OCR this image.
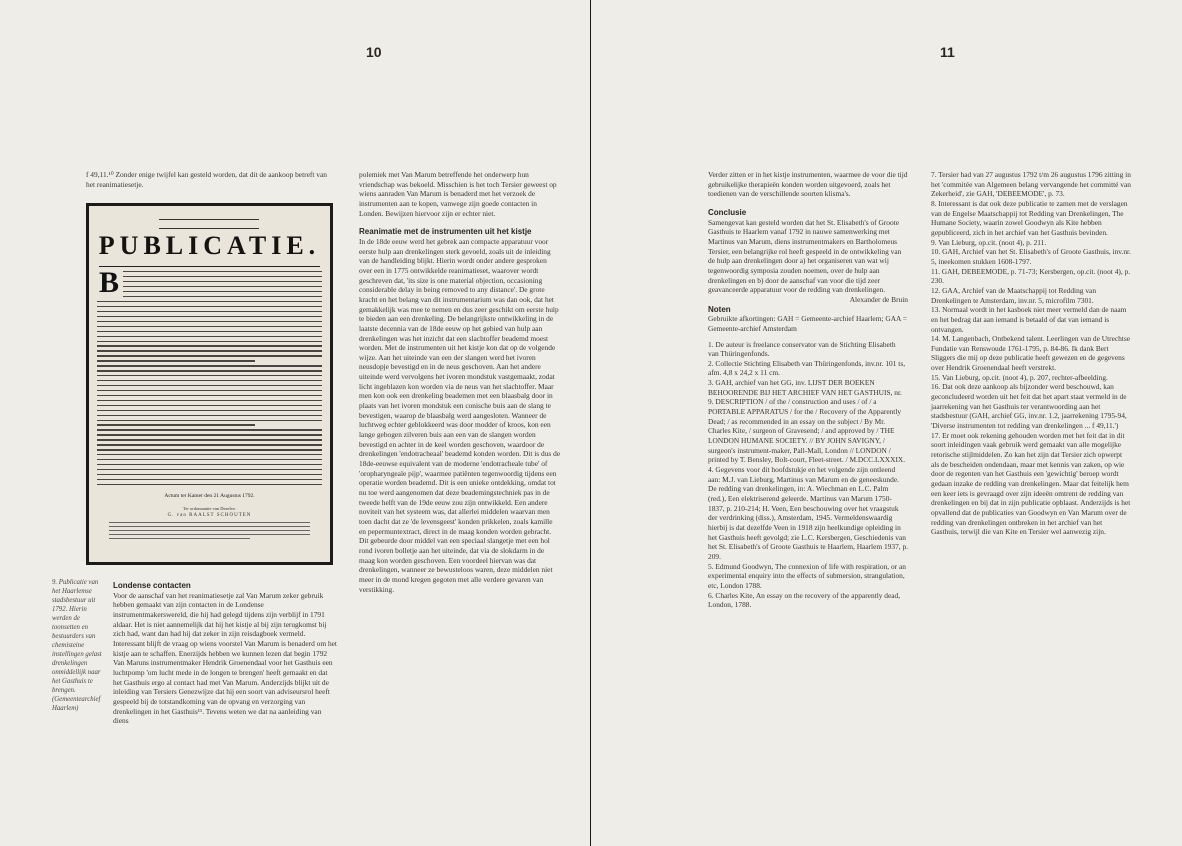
10
f 49,11.¹⁰ Zonder enige twijfel kan gesteld worden, dat dit de aankoop betreft van het reanimatiesetje.
PUBLICATIE.
B
Actum ter Kamer den 21 Augustus 1792.
Ter ordonnantie van Dezelve.
G. van RAALST SCHOUTEN
9. Publicatie van het Haarlemse stadsbestuur uit 1792. Hierin werden de toonsetten en bestuurders van chemisteine instellingen gelast drenkelingen onmiddellijk naar het Gasthuis te brengen. (Gemeentearchief Haarlem)

Londense contacten

Voor de aanschaf van het reanimatiesetje zal Van Marum zeker gebruik hebben gemaakt van zijn contacten in de Londense instrumentmakerswereld, die hij had gelegd tijdens zijn verblijf in 1791 aldaar. Het is niet aannemelijk dat hij het kistje al bij zijn terugkomst bij zich had, want dan had hij dat zeker in zijn reisdagboek vermeld. Interessant blijft de vraag op wiens voorstel Van Marum is benaderd om het kistje aan te schaffen. Enerzijds hebben we kunnen lezen dat begin 1792 Van Maruns instrumentmaker Hendrik Groenendaal voor het Gasthuis een luchtpomp 'om lucht mede in de longen te brengen' heeft gemaakt en dat het Gasthuis ergo al contact had met Van Marum. Anderzijds blijkt uit de inleiding van Tersiers Genezwijze dat hij een soort van adviseursrol heeft gespeeld bij de totstandkoming van de opvang en verzorging van drenkelingen in het Gasthuis¹¹. Tevens weten we dat na aanleiding van diens

polemiek met Van Marum betreffende het onderwerp hun vriendschap was bekoeld. Misschien is het toch Tersier geweest op wiens aanraden Van Marum is benaderd met het verzoek de instrumenten aan te kopen, vanwege zijn goede contacten in Londen. Bewijzen hiervoor zijn er echter niet.

Reanimatie met de instrumenten uit het kistje

In de 18de eeuw werd het gebrek aan compacte apparatuur voor eerste hulp aan drenkelingen sterk gevoeld, zoals uit de inleiding van de handleiding blijkt. Hierin wordt onder andere gesproken over een in 1775 ontwikkelde reanimatieset, waarover wordt geschreven dat, 'its size is one material objection, occasioning considerable delay in being removed to any distance'. De grote kracht en het belang van dit instrumentarium was dan ook, dat het gemakkelijk was mee te nemen en dus zeer geschikt om eerste hulp te bieden aan een drenkeling. De belangrijkste ontwikkeling in de laatste decennia van de 18de eeuw op het gebied van hulp aan drenkelingen was het inzicht dat een slachtoffer beademd moest worden. Met de instrumenten uit het kistje kon dat op de volgende wijze. Aan het uiteinde van een der slangen werd het ivoren neusdopje bevestigd en in de neus geschoven. Aan het andere uiteinde werd vervolgens het ivoren mondstuk vastgemaakt, zodat licht ingeblazen kon worden via de neus van het slachtoffer. Maar men kon ook een drenkeling beademen met een blaasbalg door in plaats van het ivoren mondstuk een conische buis aan de slang te bevestigen, waarop de blaasbalg werd aangesloten. Wanneer de luchtweg echter geblokkeerd was door modder of kroos, kon een lange gebogen zilveren buis aan een van de slangen worden bevestigd en achter in de keel worden geschoven, waardoor de drenkelingen 'endotracheaal' beademd konden worden. Dit is dus de 18de-eeuwse equivalent van de moderne 'endotracheale tube' of 'oropharyngeale pijp', waarmee patiënten tegenwoordig tijdens een operatie worden beademd. Dit is een unieke ontdekking, omdat tot nu toe werd aangenomen dat deze beademingstechniek pas in de tweede helft van de 19de eeuw zou zijn ontwikkeld. Een andere noviteit van het systeem was, dat allerlei middelen waarvan men toen dacht dat ze 'de levensgeest' konden prikkelen, zoals kamille en pepermuntextract, direct in de maag konden worden gebracht. Dit gebeurde door middel van een speciaal slangetje met een hol rond ivoren bolletje aan het uiteinde, dat via de slokdarm in de maag kon worden geschoven. Een voordeel hiervan was dat drenkelingen, wanneer ze bewusteloos waren, deze middelen niet meer in de mond kregen gegoten met alle verdere gevaren van verstikking.

11

Verder zitten er in het kistje instrumenten, waarmee de voor die tijd gebruikelijke therapieën konden worden uitgevoerd, zoals het toedienen van de verschillende soorten klisma's.

Conclusie

Samengevat kan gesteld worden dat het St. Elisabeth's of Groote Gasthuis te Haarlem vanaf 1792 in nauwe samenwerking met Martinus van Marum, diens instrumentmakers en Bartholomeus Tersier, een belangrijke rol heeft gespeeld in de ontwikkeling van de hulp aan drenkelingen door a) het organiseren van wat wij tegenwoordig symposia zouden noemen, over de hulp aan drenkelingen en b) door de aanschaf van voor die tijd zeer geavanceerde apparatuur voor de redding van drenkelingen.

Alexander de Bruin

Noten

Gebruikte afkortingen: GAH = Gemeente-archief Haarlem; GAA = Gemeente-archief Amsterdam

1. De auteur is freelance conservator van de Stichting Elisabeth van Thüringenfonds.

2. Collectie Stichting Elisabeth van Thüringenfonds, inv.nr. 101 ts, afm. 4,8 x 24,2 x 11 cm.

3. GAH, archief van het GG, inv. LIJST DER BOEKEN BEHOORENDE BIJ HET ARCHIEF VAN HET GASTHUIS, nr. 9. DESCRIPTION / of the / construction and uses / of / a PORTABLE APPARATUS / for the / Recovery of the Apparently Dead; / as recommended in an essay on the subject / By Mr. Charles Kite, / surgeon of Gravesend; / and approved by / THE LONDON HUMANE SOCIETY. // BY JOHN SAVIGNY, / surgeon's instrument-maker, Pall-Mall, London // LONDON / printed by T. Bensley, Bolt-court, Fleet-street. / M.DCC.LXXXIX.

4. Gegevens voor dit hoofdstukje en het volgende zijn ontleend aan: M.J. van Lieburg, Martinus van Marum en de geneeskunde. De redding van drenkelingen, in: A. Wiechman en L.C. Palm (red.), Een elektriserend geleerde. Martinus van Marum 1750-1837, p. 210-214; H. Veen, Een beschouwing over het vraagstuk der verdrinking (diss.), Amsterdam, 1945. Vermeldenswaardig hierbij is dat dezelfde Veen in 1918 zijn heelkundige opleiding in het Gasthuis heeft gevolgd; zie L.C. Kersbergen, Geschiedenis van het St. Elisabeth's of Groote Gasthuis te Haarlem, Haarlem 1937, p. 209.

5. Edmund Goodwyn, The connexion of life with respiration, or an experimental enquiry into the effects of submersion, strangulation, etc, London 1788.

6. Charles Kite, An essay on the recovery of the apparently dead, London, 1788.

7. Tersier had van 27 augustus 1792 t/m 26 augustus 1796 zitting in het 'commitée van Algemeen belang vervangende het committé van Zekerheid', zie GAH, 'DEBEEMODE', p. 73.

8. Interessant is dat ook deze publicatie te zamen met de verslagen van de Engelse Maatschappij tot Redding van Drenkelingen, The Humane Society, waarin zowel Goodwyn als Kite hebben gepubliceerd, zich in het archief van het Gasthuis bevinden.

9. Van Lieburg, op.cit. (noot 4), p. 211.

10. GAH, Archief van het St. Elisabeth's of Groote Gasthuis, inv.nr. 5, ineekomen stukken 1608-1797.

11. GAH, DEBEEMODE, p. 71-73; Kersbergen, op.cit. (noot 4), p. 230.

12. GAA, Archief van de Maatschappij tot Redding van Drenkelingen te Amsterdam, inv.nr. 5, microfilm 7301.

13. Normaal wordt in het kasboek niet meer vermeld dan de naam en het bedrag dat aan iemand is betaald of dat van iemand is ontvangen.

14. M. Langenbach, Ontbekend talent. Leerlingen van de Utrechtse Fundatie van Renswoude 1761-1795, p. 84-86. Ik dank Bert Sliggers die mij op deze publicatie heeft gewezen en de gegevens over Hendrik Groenendaal heeft verstrekt.

15. Van Lieburg, op.cit. (noot 4), p. 207, rechter-afbeelding.

16. Dat ook deze aankoop als bijzonder werd beschouwd, kan geconcludeerd worden uit het feit dat het apart staat vermeld in de jaarrekening van het Gasthuis ter verantwoording aan het stadsbestuur (GAH, archief GG, inv.nr. 1.2, jaarrekening 1795-94, 'Diverse instrumenten tot redding van drenkelingen ... f 49,11.')

17. Er moet ook rekening gehouden worden met het feit dat in dit soort inleidingen vaak gebruik werd gemaakt van alle mogelijke retorische stijlmiddelen. Zo kan het zijn dat Tersier zich opwerpt als de bescheiden ondendaan, maar met kennis van zaken, op wie door de regenten van het Gasthuis een 'gewichtig' beroep wordt gedaan inzake de redding van drenkelingen. Maar dat feitelijk hem een keer iets is gevraagd over zijn ideeën omtrent de redding van drenkelingen en bij dat in zijn publicatie opblaast. Anderzijds is het opvallend dat de publicaties van Goodwyn en Van Marum over de redding van drenkelingen ontbreken in het archief van het Gasthuis, terwijl die van Kite en Tersier wel aanwezig zijn.
